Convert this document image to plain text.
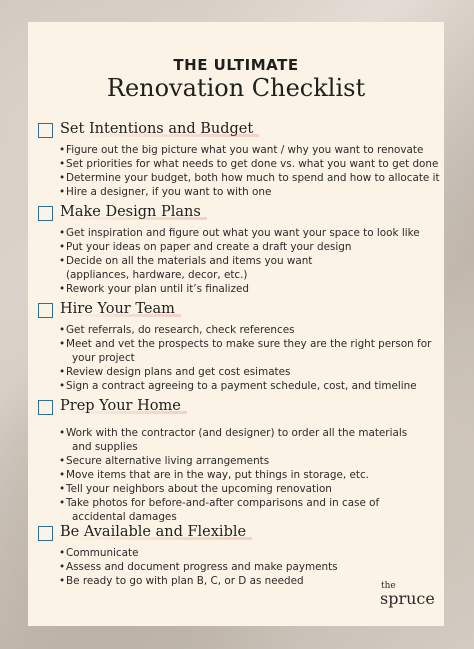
THE ULTIMATE
Renovation Checklist
Set Intentions and Budget
• Figure out the big picture what you want / why you want to renovate
• Set priorities for what needs to get done vs. what you want to get done
• Determine your budget, both how much to spend and how to allocate it
• Hire a designer, if you want to with one
Make Design Plans
• Get inspiration and figure out what you want your space to look like
• Put your ideas on paper and create a draft your design
• Decide on all the materials and items you want
(appliances, hardware, decor, etc.)
• Rework your plan until it’s finalized
Hire Your Team
• Get referrals, do research, check references
• Meet and vet the prospects to make sure they are the right person for
your project
• Review design plans and get cost esimates
• Sign a contract agreeing to a payment schedule, cost, and timeline
Prep Your Home
• Work with the contractor (and designer) to order all the materials
and supplies
• Secure alternative living arrangements
• Move items that are in the way, put things in storage, etc.
• Tell your neighbors about the upcoming renovation
• Take photos for before-and-after comparisons and in case of
accidental damages
Be Available and Flexible
• Communicate
• Assess and document progress and make payments
• Be ready to go with plan B, C, or D as needed	the
spruce
